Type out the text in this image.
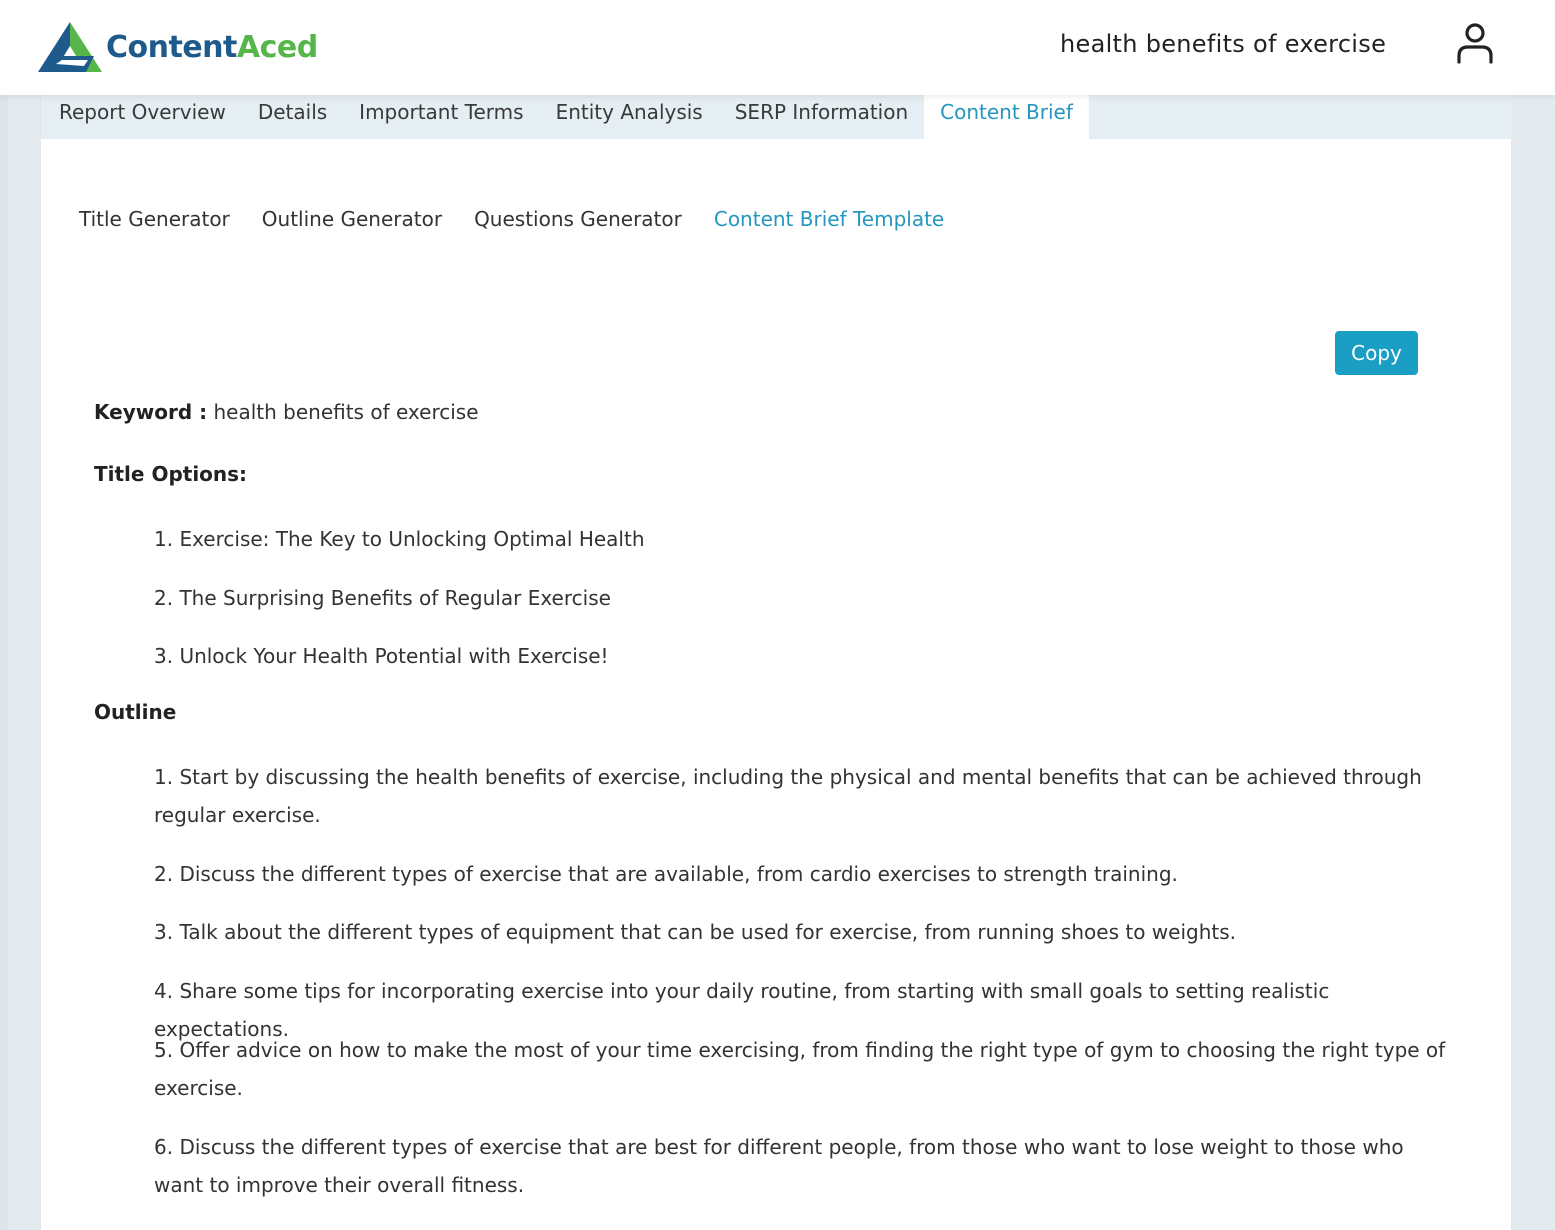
ContentAced	health benefits of exercise
Report Overview	Details	Important Terms	Entity Analysis	SERP Information	Content Brief
Title Generator Outline Generator Questions Generator Content Brief Template
Copy
Keyword : health benefits of exercise
Title Options:
1. Exercise: The Key to Unlocking Optimal Health
2. The Surprising Benefits of Regular Exercise
3. Unlock Your Health Potential with Exercise!
Outline
1. Start by discussing the health benefits of exercise, including the physical and mental benefits that can be achieved through regular exercise.
2. Discuss the different types of exercise that are available, from cardio exercises to strength training.
3. Talk about the different types of equipment that can be used for exercise, from running shoes to weights.
4. Share some tips for incorporating exercise into your daily routine, from starting with small goals to setting realistic expectations.
5. Offer advice on how to make the most of your time exercising, from finding the right type of gym to choosing the right type of exercise.
6. Discuss the different types of exercise that are best for different people, from those who want to lose weight to those who want to improve their overall fitness.
